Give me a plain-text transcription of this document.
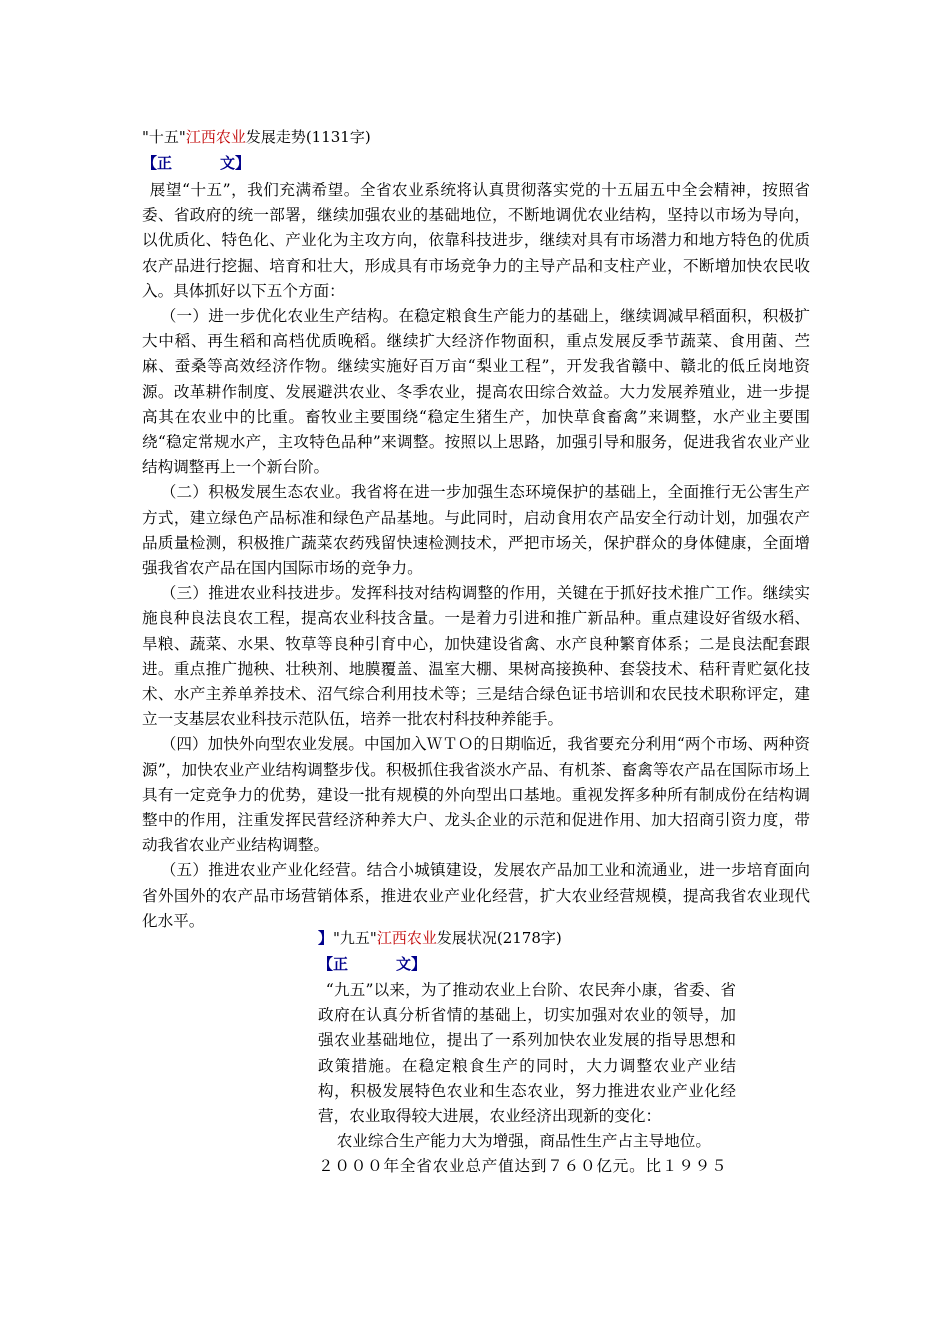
"十五"江西农业发展走势(1131字)
【正	文】

展望“十五”，我们充满希望。全省农业系统将认真贯彻落实党的十五届五中全会精神，按照省委、省政府的统一部署，继续加强农业的基础地位，不断地调优农业结构，坚持以市场为导向，以优质化、特色化、产业化为主攻方向，依靠科技进步，继续对具有市场潜力和地方特色的优质农产品进行挖掘、培育和壮大，形成具有市场竞争力的主导产品和支柱产业，不断增加快农民收入。具体抓好以下五个方面：

（一）进一步优化农业生产结构。在稳定粮食生产能力的基础上，继续调减早稻面积，积极扩大中稻、再生稻和高档优质晚稻。继续扩大经济作物面积，重点发展反季节蔬菜、食用菌、苎麻、蚕桑等高效经济作物。继续实施好百万亩“梨业工程”，开发我省赣中、赣北的低丘岗地资源。改革耕作制度、发展避洪农业、冬季农业，提高农田综合效益。大力发展养殖业，进一步提高其在农业中的比重。畜牧业主要围绕“稳定生猪生产，加快草食畜禽”来调整，水产业主要围绕“稳定常规水产，主攻特色品种”来调整。按照以上思路，加强引导和服务，促进我省农业产业结构调整再上一个新台阶。

（二）积极发展生态农业。我省将在进一步加强生态环境保护的基础上，全面推行无公害生产方式，建立绿色产品标准和绿色产品基地。与此同时，启动食用农产品安全行动计划，加强农产品质量检测，积极推广蔬菜农药残留快速检测技术，严把市场关，保护群众的身体健康，全面增强我省农产品在国内国际市场的竞争力。

（三）推进农业科技进步。发挥科技对结构调整的作用，关键在于抓好技术推广工作。继续实施良种良法良农工程，提高农业科技含量。一是着力引进和推广新品种。重点建设好省级水稻、旱粮、蔬菜、水果、牧草等良种引育中心，加快建设省禽、水产良种繁育体系；二是良法配套跟进。重点推广抛秧、壮秧剂、地膜覆盖、温室大棚、果树高接换种、套袋技术、秸秆青贮氨化技术、水产主养单养技术、沼气综合利用技术等；三是结合绿色证书培训和农民技术职称评定，建立一支基层农业科技示范队伍，培养一批农村科技种养能手。

（四）加快外向型农业发展。中国加入ＷＴＯ的日期临近，我省要充分利用“两个市场、两种资源”，加快农业产业结构调整步伐。积极抓住我省淡水产品、有机茶、畜禽等农产品在国际市场上具有一定竞争力的优势，建设一批有规模的外向型出口基地。重视发挥多种所有制成份在结构调整中的作用，注重发挥民营经济种养大户、龙头企业的示范和促进作用、加大招商引资力度，带动我省农业产业结构调整。

（五）推进农业产业化经营。结合小城镇建设，发展农产品加工业和流通业，进一步培育面向省外国外的农产品市场营销体系，推进农业产业化经营，扩大农业经营规模，提高我省农业现代化水平。

】"九五"江西农业发展状况(2178字)
【正	文】

“九五”以来，为了推动农业上台阶、农民奔小康，省委、省政府在认真分析省情的基础上，切实加强对农业的领导，加强农业基础地位，提出了一系列加快农业发展的指导思想和政策措施。在稳定粮食生产的同时，大力调整农业产业结构，积极发展特色农业和生态农业，努力推进农业产业化经营，农业取得较大进展，农业经济出现新的变化：

农业综合生产能力大为增强，商品性生产占主导地位。

２０００年全省农业总产值达到７６０亿元。比１９９５
